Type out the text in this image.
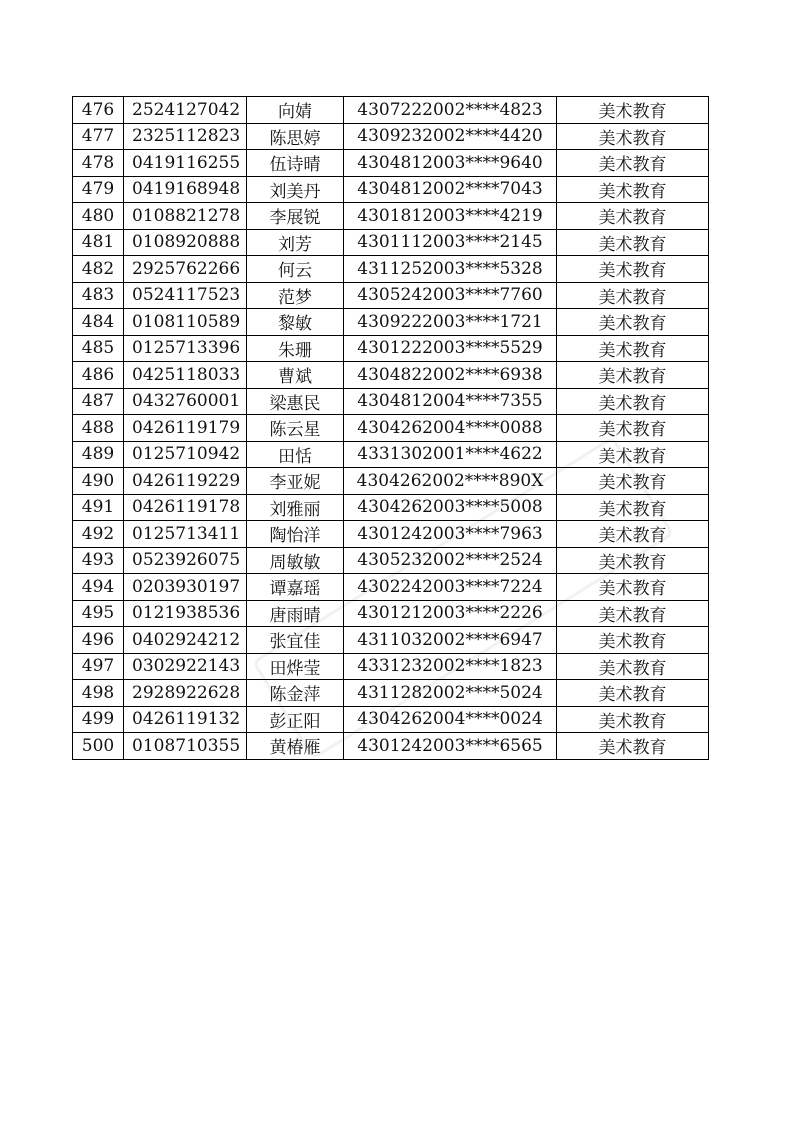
476	2524127042	向婧	4307222002****4823	美术教育
477	2325112823	陈思婷	4309232002****4420	美术教育
478	0419116255	伍诗晴	4304812003****9640	美术教育
479	0419168948	刘美丹	4304812002****7043	美术教育
480	0108821278	李展锐	4301812003****4219	美术教育
481	0108920888	刘芳	4301112003****2145	美术教育
482	2925762266	何云	4311252003****5328	美术教育
483	0524117523	范梦	4305242003****7760	美术教育
484	0108110589	黎敏	4309222003****1721	美术教育
485	0125713396	朱珊	4301222003****5529	美术教育
486	0425118033	曹斌	4304822002****6938	美术教育
487	0432760001	梁惠民	4304812004****7355	美术教育
488	0426119179	陈云星	4304262004****0088	美术教育
489	0125710942	田恬	4331302001****4622	美术教育
490	0426119229	李亚妮	4304262002****890X	美术教育
491	0426119178	刘雅丽	4304262003****5008	美术教育
492	0125713411	陶怡洋	4301242003****7963	美术教育
493	0523926075	周敏敏	4305232002****2524	美术教育
494	0203930197	谭嘉瑶	4302242003****7224	美术教育
495	0121938536	唐雨晴	4301212003****2226	美术教育
496	0402924212	张宜佳	4311032002****6947	美术教育
497	0302922143	田烨莹	4331232002****1823	美术教育
498	2928922628	陈金萍	4311282002****5024	美术教育
499	0426119132	彭正阳	4304262004****0024	美术教育
500	0108710355	黄椿雁	4301242003****6565	美术教育
